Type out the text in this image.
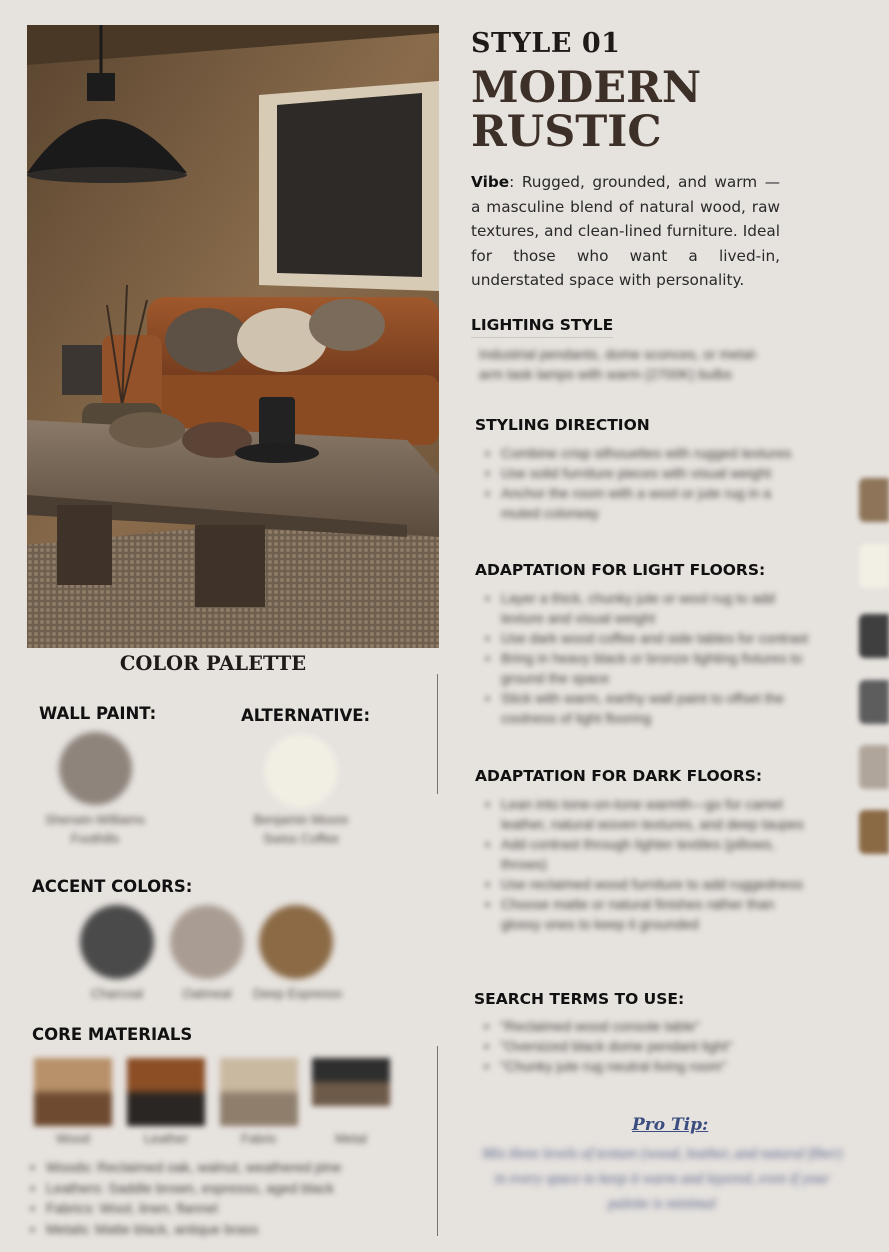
STYLE 01
MODERN
RUSTIC
Vibe: Rugged, grounded, and warm — a masculine blend of natural wood, raw textures, and clean-lined furniture. Ideal for those who want a lived-in, understated space with personality.
LIGHTING STYLE
Industrial pendants, dome sconces, or metal-arm task lamps with warm (2700K) bulbs
STYLING DIRECTION
• Combine crisp silhouettes with rugged textures
• Use solid furniture pieces with visual weight
• Anchor the room with a wool or jute rug in a muted colorway
ADAPTATION FOR LIGHT FLOORS:
• Layer a thick, chunky jute or wool rug to add texture and visual weight
• Use dark wood coffee and side tables for contrast
• Bring in heavy black or bronze lighting fixtures to ground the space
• Stick with warm, earthy wall paint to offset the coolness of light flooring
ADAPTATION FOR DARK FLOORS:
• Lean into tone-on-tone warmth—go for camel leather, natural woven textures, and deep taupes
• Add contrast through lighter textiles (pillows, throws)
• Use reclaimed wood furniture to add ruggedness
• Choose matte or natural finishes rather than glossy ones to keep it grounded
SEARCH TERMS TO USE:
• "Reclaimed wood console table"
• "Oversized black dome pendant light"
• "Chunky jute rug neutral living room"
Pro Tip:
Mix three levels of texture (wood, leather, and natural fiber) in every space to keep it warm and layered, even if your palette is minimal
COLOR PALETTE
WALL PAINT:
Sherwin-Williams Foothills
ALTERNATIVE:
Benjamin Moore Swiss Coffee
ACCENT COLORS:
Charcoal	Oatmeal	Deep Espresso
CORE MATERIALS
Wood	Leather	Fabric	Metal
• Woods: Reclaimed oak, walnut, weathered pine
• Leathers: Saddle brown, espresso, aged black
• Fabrics: Wool, linen, flannel
• Metals: Matte black, antique brass
